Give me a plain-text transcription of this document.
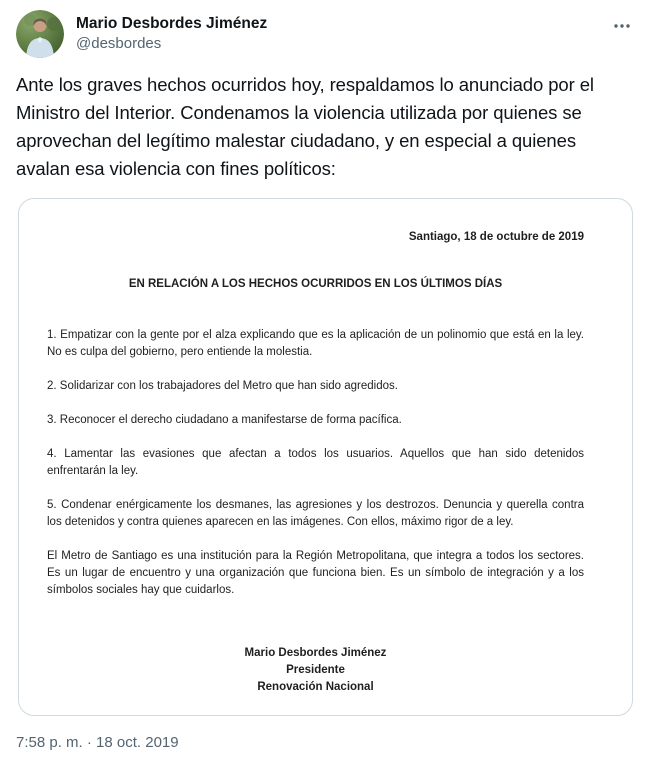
Mario Desbordes Jiménez
@desbordes
Ante los graves hechos ocurridos hoy, respaldamos lo anunciado por el Ministro del Interior. Condenamos la violencia utilizada por quienes se aprovechan del legítimo malestar ciudadano, y en especial a quienes avalan esa violencia con fines políticos:
Santiago, 18 de octubre de 2019
EN RELACIÓN A LOS HECHOS OCURRIDOS EN LOS ÚLTIMOS DÍAS

1. Empatizar con la gente por el alza explicando que es la aplicación de un polinomio que está en la ley. No es culpa del gobierno, pero entiende la molestia.

2. Solidarizar con los trabajadores del Metro que han sido agredidos.

3. Reconocer el derecho ciudadano a manifestarse de forma pacífica.

4. Lamentar las evasiones que afectan a todos los usuarios. Aquellos que han sido detenidos enfrentarán la ley.

5. Condenar enérgicamente los desmanes, las agresiones y los destrozos. Denuncia y querella contra los detenidos y contra quienes aparecen en las imágenes. Con ellos, máximo rigor de a ley.

El Metro de Santiago es una institución para la Región Metropolitana, que integra a todos los sectores. Es un lugar de encuentro y una organización que funciona bien. Es un símbolo de integración y a los símbolos sociales hay que cuidarlos.

Mario Desbordes Jiménez
Presidente
Renovación Nacional
7:58 p. m. · 18 oct. 2019
